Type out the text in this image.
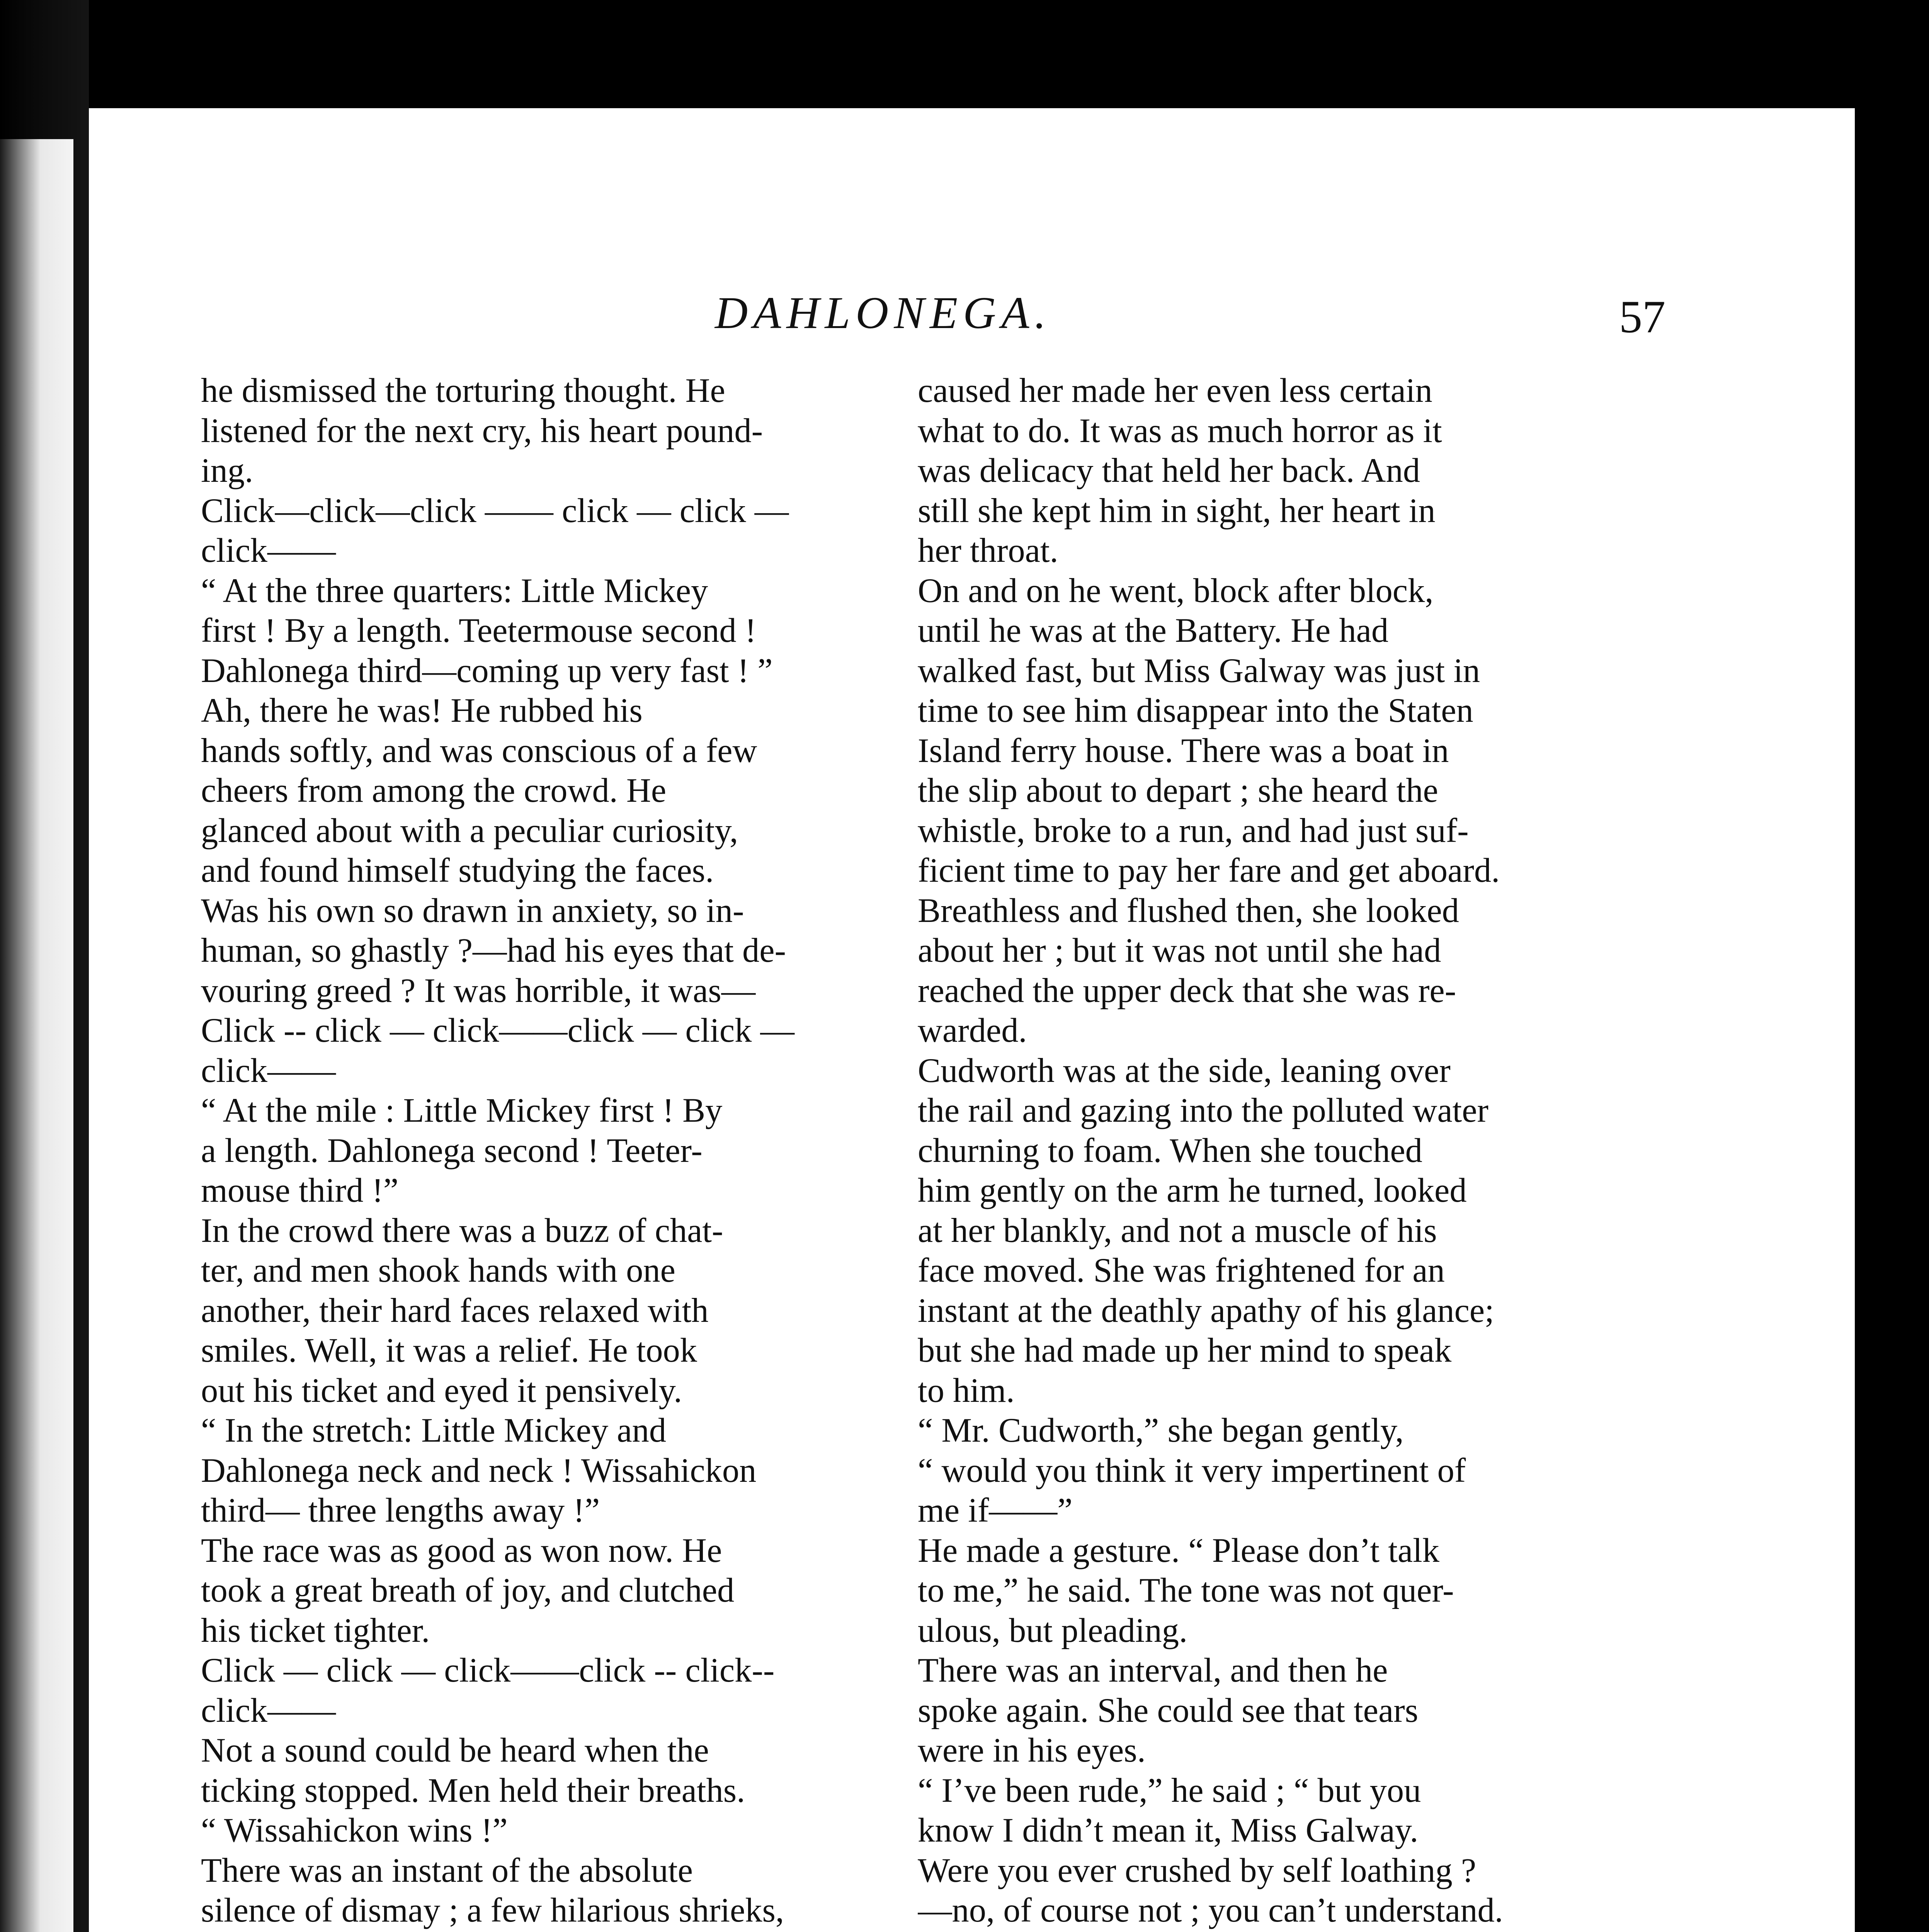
DAHLONEGA.	57
he dismissed the torturing thought. He
listened for the next cry, his heart pound-
ing.
Click—click—click —— click — click —
click——
“ At the three quarters: Little Mickey
first ! By a length. Teetermouse second !
Dahlonega third—coming up very fast ! ”
Ah, there he was! He rubbed his
hands softly, and was conscious of a few
cheers from among the crowd. He
glanced about with a peculiar curiosity,
and found himself studying the faces.
Was his own so drawn in anxiety, so in-
human, so ghastly ?—had his eyes that de-
vouring greed ? It was horrible, it was—
Click -- click — click——click — click —
click——
“ At the mile : Little Mickey first ! By
a length. Dahlonega second ! Teeter-
mouse third !”
In the crowd there was a buzz of chat-
ter, and men shook hands with one
another, their hard faces relaxed with
smiles. Well, it was a relief. He took
out his ticket and eyed it pensively.
“ In the stretch: Little Mickey and
Dahlonega neck and neck ! Wissahickon
third— three lengths away !”
The race was as good as won now. He
took a great breath of joy, and clutched
his ticket tighter.
Click — click — click——click -- click--
click——
Not a sound could be heard when the
ticking stopped. Men held their breaths.
“ Wissahickon wins !”
There was an instant of the absolute
silence of dismay ; a few hilarious shrieks,
caused her made her even less certain
what to do. It was as much horror as it
was delicacy that held her back. And
still she kept him in sight, her heart in
her throat.
On and on he went, block after block,
until he was at the Battery. He had
walked fast, but Miss Galway was just in
time to see him disappear into the Staten
Island ferry house. There was a boat in
the slip about to depart ; she heard the
whistle, broke to a run, and had just suf-
ficient time to pay her fare and get aboard.
Breathless and flushed then, she looked
about her ; but it was not until she had
reached the upper deck that she was re-
warded.
Cudworth was at the side, leaning over
the rail and gazing into the polluted water
churning to foam. When she touched
him gently on the arm he turned, looked
at her blankly, and not a muscle of his
face moved. She was frightened for an
instant at the deathly apathy of his glance;
but she had made up her mind to speak
to him.
“ Mr. Cudworth,” she began gently,
“ would you think it very impertinent of
me if——”
He made a gesture. “ Please don’t talk
to me,” he said. The tone was not quer-
ulous, but pleading.
There was an interval, and then he
spoke again. She could see that tears
were in his eyes.
“ I’ve been rude,” he said ; “ but you
know I didn’t mean it, Miss Galway.
Were you ever crushed by self loathing ?
—no, of course not ; you can’t understand.
